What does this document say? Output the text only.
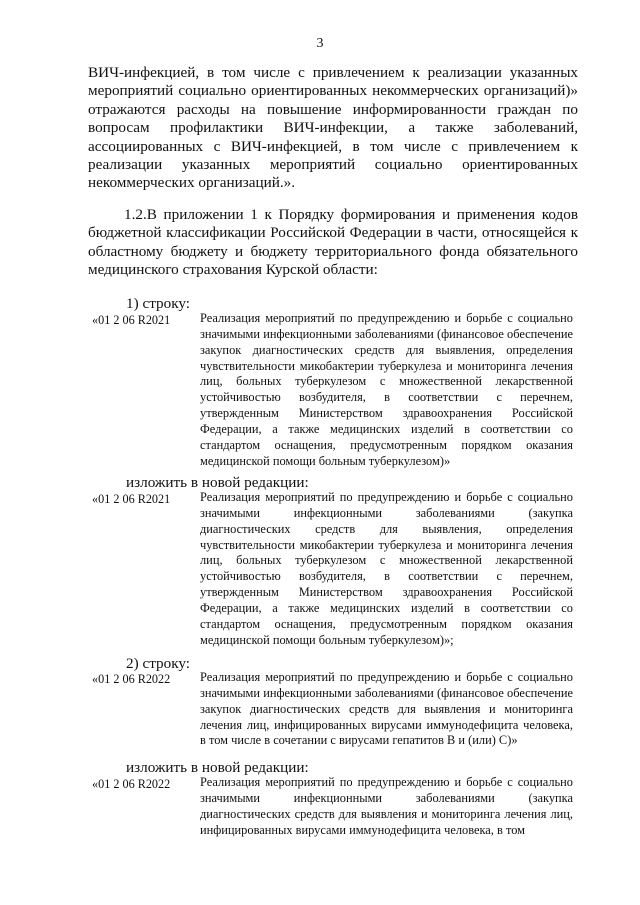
3

ВИЧ-инфекцией, в том числе с привлечением к реализации указанных мероприятий социально ориентированных некоммерческих организаций)» отражаются расходы на повышение информированности граждан по вопросам профилактики ВИЧ-инфекции, а также заболеваний, ассоциированных с ВИЧ-инфекцией, в том числе с привлечением к реализации указанных мероприятий социально ориентированных некоммерческих организаций.».

1.2.В приложении 1 к Порядку формирования и применения кодов бюджетной классификации Российской Федерации в части, относящейся к областному бюджету и бюджету территориального фонда обязательного медицинского страхования Курской области:

1) строку:
«01 2 06 R2021 Реализация мероприятий по предупреждению и борьбе с социально значимыми инфекционными заболеваниями (финансовое обеспечение закупок диагностических средств для выявления, определения чувствительности микобактерии туберкулеза и мониторинга лечения лиц, больных туберкулезом с множественной лекарственной устойчивостью возбудителя, в соответствии с перечнем, утвержденным Министерством здравоохранения Российской Федерации, а также медицинских изделий в соответствии со стандартом оснащения, предусмотренным порядком оказания медицинской помощи больным туберкулезом)»

изложить в новой редакции:
«01 2 06 R2021 Реализация мероприятий по предупреждению и борьбе с социально значимыми инфекционными заболеваниями (закупка диагностических средств для выявления, определения чувствительности микобактерии туберкулеза и мониторинга лечения лиц, больных туберкулезом с множественной лекарственной устойчивостью возбудителя, в соответствии с перечнем, утвержденным Министерством здравоохранения Российской Федерации, а также медицинских изделий в соответствии со стандартом оснащения, предусмотренным порядком оказания медицинской помощи больным туберкулезом)»;

2) строку:
«01 2 06 R2022 Реализация мероприятий по предупреждению и борьбе с социально значимыми инфекционными заболеваниями (финансовое обеспечение закупок диагностических средств для выявления и мониторинга лечения лиц, инфицированных вирусами иммунодефицита человека, в том числе в сочетании с вирусами гепатитов B и (или) C)»

изложить в новой редакции:
«01 2 06 R2022 Реализация мероприятий по предупреждению и борьбе с социально значимыми инфекционными заболеваниями (закупка диагностических средств для выявления и мониторинга лечения лиц, инфицированных вирусами иммунодефицита человека, в том
